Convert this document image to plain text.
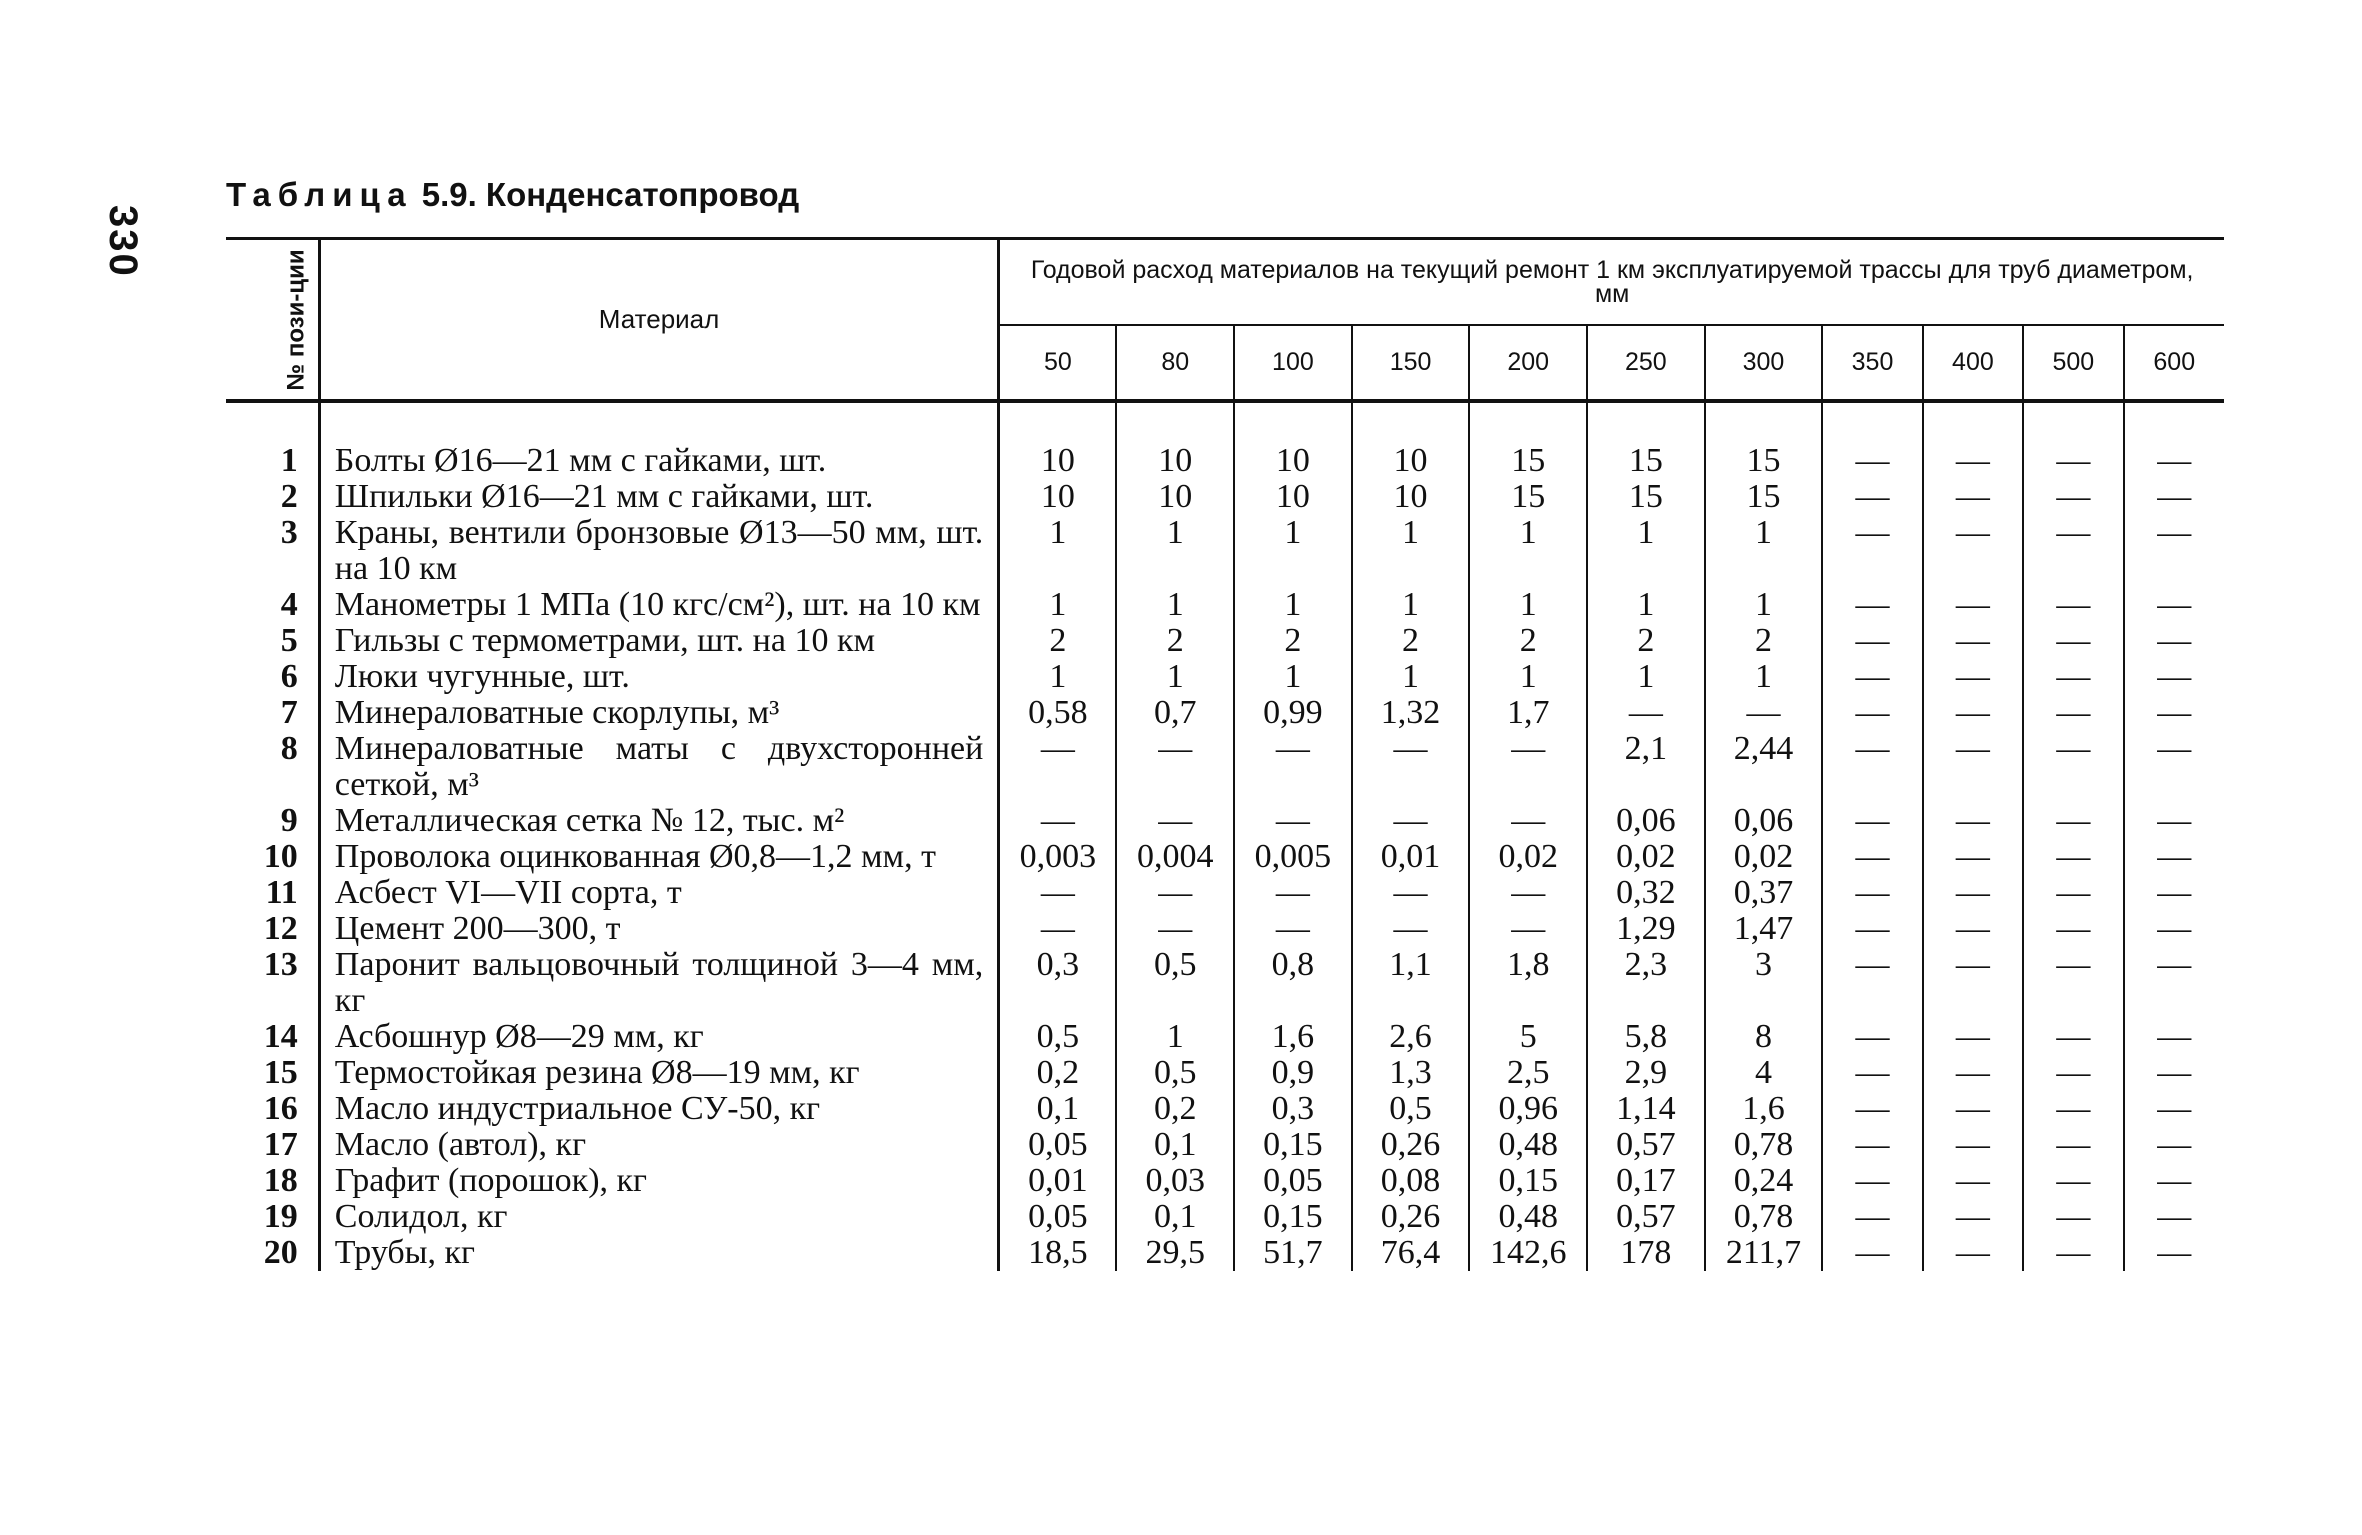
330
Таблица 5.9. Конденсатопровод
№ пози-ции	Материал	Годовой расход материалов на текущий ремонт 1 км эксплуатируемой трассы для труб диаметром, мм										
		50	80	100	150	200	250	300	350	400	500	600
1	Болты Ø16—21 мм с гайками, шт.	10	10	10	10	15	15	15	—	—	—	—
2	Шпильки Ø16—21 мм с гайками, шт.	10	10	10	10	15	15	15	—	—	—	—
3	Краны, вентили бронзовые Ø13—50 мм, шт. на 10 км	1	1	1	1	1	1	1	—	—	—	—
4	Манометры 1 МПа (10 кгс/см²), шт. на 10 км	1	1	1	1	1	1	1	—	—	—	—
5	Гильзы с термометрами, шт. на 10 км	2	2	2	2	2	2	2	—	—	—	—
6	Люки чугунные, шт.	1	1	1	1	1	1	1	—	—	—	—
7	Минераловатные скорлупы, м³	0,58	0,7	0,99	1,32	1,7	—	—	—	—	—	—
8	Минераловатные маты с двухсторонней сеткой, м³	—	—	—	—	—	2,1	2,44	—	—	—	—
9	Металлическая сетка № 12, тыс. м²	—	—	—	—	—	0,06	0,06	—	—	—	—
10	Проволока оцинкованная Ø0,8—1,2 мм, т	0,003	0,004	0,005	0,01	0,02	0,02	0,02	—	—	—	—
11	Асбест VI—VII сорта, т	—	—	—	—	—	0,32	0,37	—	—	—	—
12	Цемент 200—300, т	—	—	—	—	—	1,29	1,47	—	—	—	—
13	Паронит вальцовочный толщиной 3—4 мм, кг	0,3	0,5	0,8	1,1	1,8	2,3	3	—	—	—	—
14	Асбошнур Ø8—29 мм, кг	0,5	1	1,6	2,6	5	5,8	8	—	—	—	—
15	Термостойкая резина Ø8—19 мм, кг	0,2	0,5	0,9	1,3	2,5	2,9	4	—	—	—	—
16	Масло индустриальное СУ-50, кг	0,1	0,2	0,3	0,5	0,96	1,14	1,6	—	—	—	—
17	Масло (автол), кг	0,05	0,1	0,15	0,26	0,48	0,57	0,78	—	—	—	—
18	Графит (порошок), кг	0,01	0,03	0,05	0,08	0,15	0,17	0,24	—	—	—	—
19	Солидол, кг	0,05	0,1	0,15	0,26	0,48	0,57	0,78	—	—	—	—
20	Трубы, кг	18,5	29,5	51,7	76,4	142,6	178	211,7	—	—	—	—
